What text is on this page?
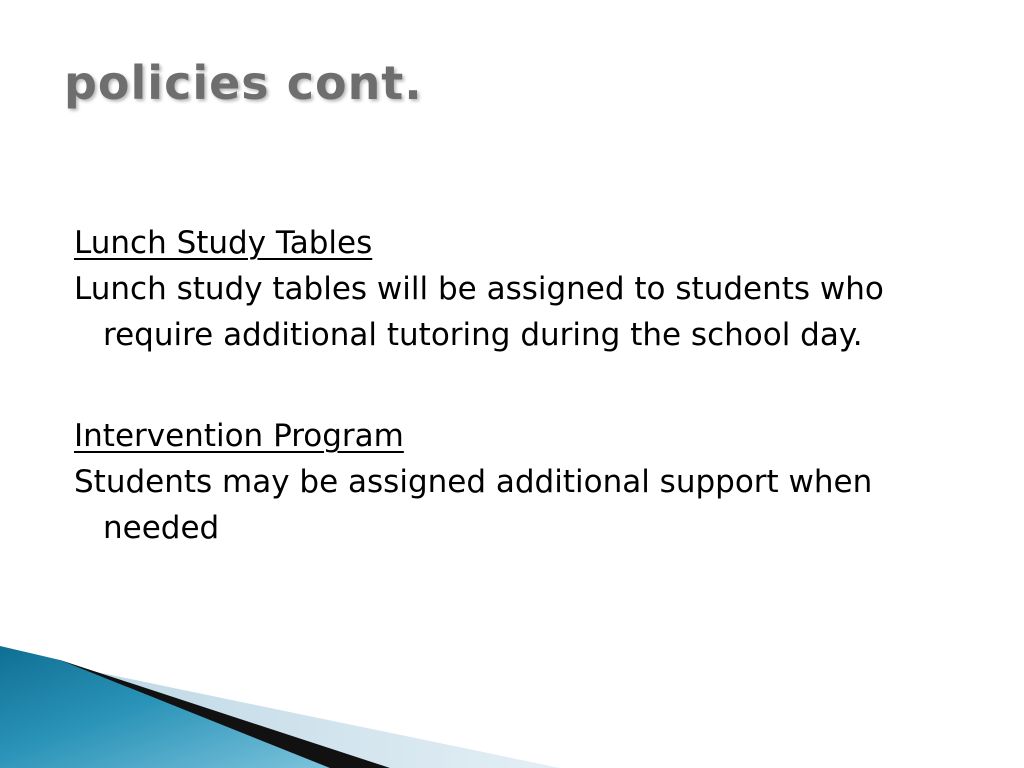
policies cont.

Lunch Study Tables

Lunch study tables will be assigned to students who require additional tutoring during the school day.

Intervention Program

Students may be assigned additional support when needed
